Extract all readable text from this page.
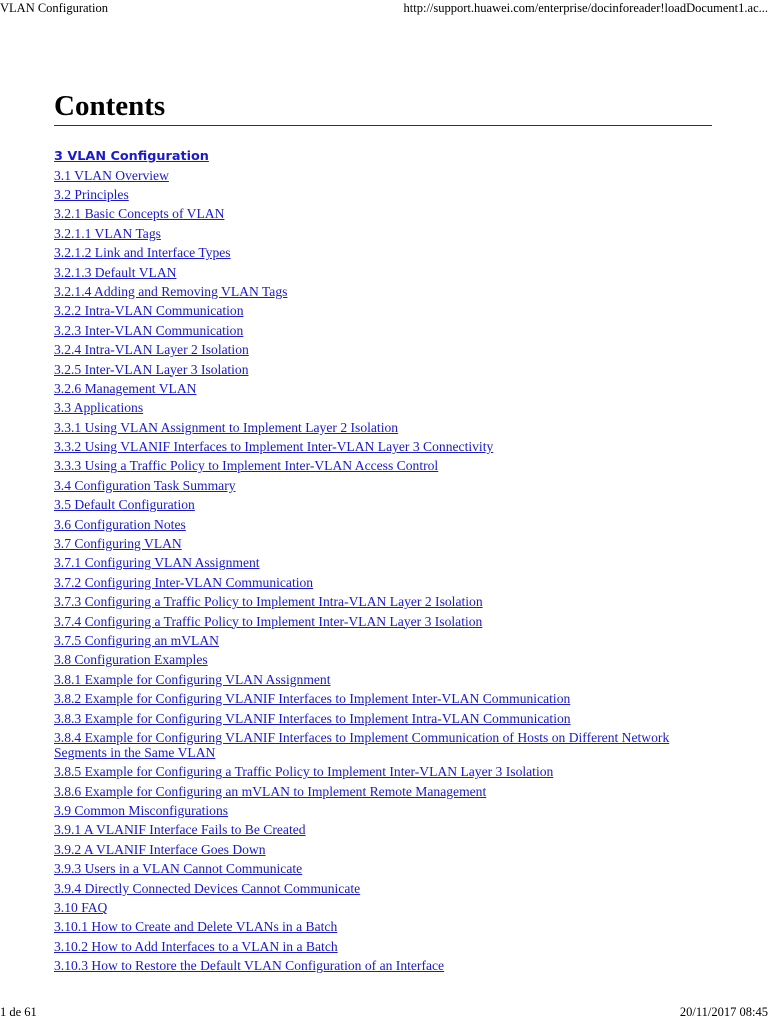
VLAN Configuration	http://support.huawei.com/enterprise/docinforeader!loadDocument1.ac...
Contents
3 VLAN Configuration
3.1 VLAN Overview
3.2 Principles
3.2.1 Basic Concepts of VLAN
3.2.1.1 VLAN Tags
3.2.1.2 Link and Interface Types
3.2.1.3 Default VLAN
3.2.1.4 Adding and Removing VLAN Tags
3.2.2 Intra-VLAN Communication
3.2.3 Inter-VLAN Communication
3.2.4 Intra-VLAN Layer 2 Isolation
3.2.5 Inter-VLAN Layer 3 Isolation
3.2.6 Management VLAN
3.3 Applications
3.3.1 Using VLAN Assignment to Implement Layer 2 Isolation
3.3.2 Using VLANIF Interfaces to Implement Inter-VLAN Layer 3 Connectivity
3.3.3 Using a Traffic Policy to Implement Inter-VLAN Access Control
3.4 Configuration Task Summary
3.5 Default Configuration
3.6 Configuration Notes
3.7 Configuring VLAN
3.7.1 Configuring VLAN Assignment
3.7.2 Configuring Inter-VLAN Communication
3.7.3 Configuring a Traffic Policy to Implement Intra-VLAN Layer 2 Isolation
3.7.4 Configuring a Traffic Policy to Implement Inter-VLAN Layer 3 Isolation
3.7.5 Configuring an mVLAN
3.8 Configuration Examples
3.8.1 Example for Configuring VLAN Assignment
3.8.2 Example for Configuring VLANIF Interfaces to Implement Inter-VLAN Communication
3.8.3 Example for Configuring VLANIF Interfaces to Implement Intra-VLAN Communication
3.8.4 Example for Configuring VLANIF Interfaces to Implement Communication of Hosts on Different Network Segments in the Same VLAN
3.8.5 Example for Configuring a Traffic Policy to Implement Inter-VLAN Layer 3 Isolation
3.8.6 Example for Configuring an mVLAN to Implement Remote Management
3.9 Common Misconfigurations
3.9.1 A VLANIF Interface Fails to Be Created
3.9.2 A VLANIF Interface Goes Down
3.9.3 Users in a VLAN Cannot Communicate
3.9.4 Directly Connected Devices Cannot Communicate
3.10 FAQ
3.10.1 How to Create and Delete VLANs in a Batch
3.10.2 How to Add Interfaces to a VLAN in a Batch
3.10.3 How to Restore the Default VLAN Configuration of an Interface
1 de 61	20/11/2017 08:45
